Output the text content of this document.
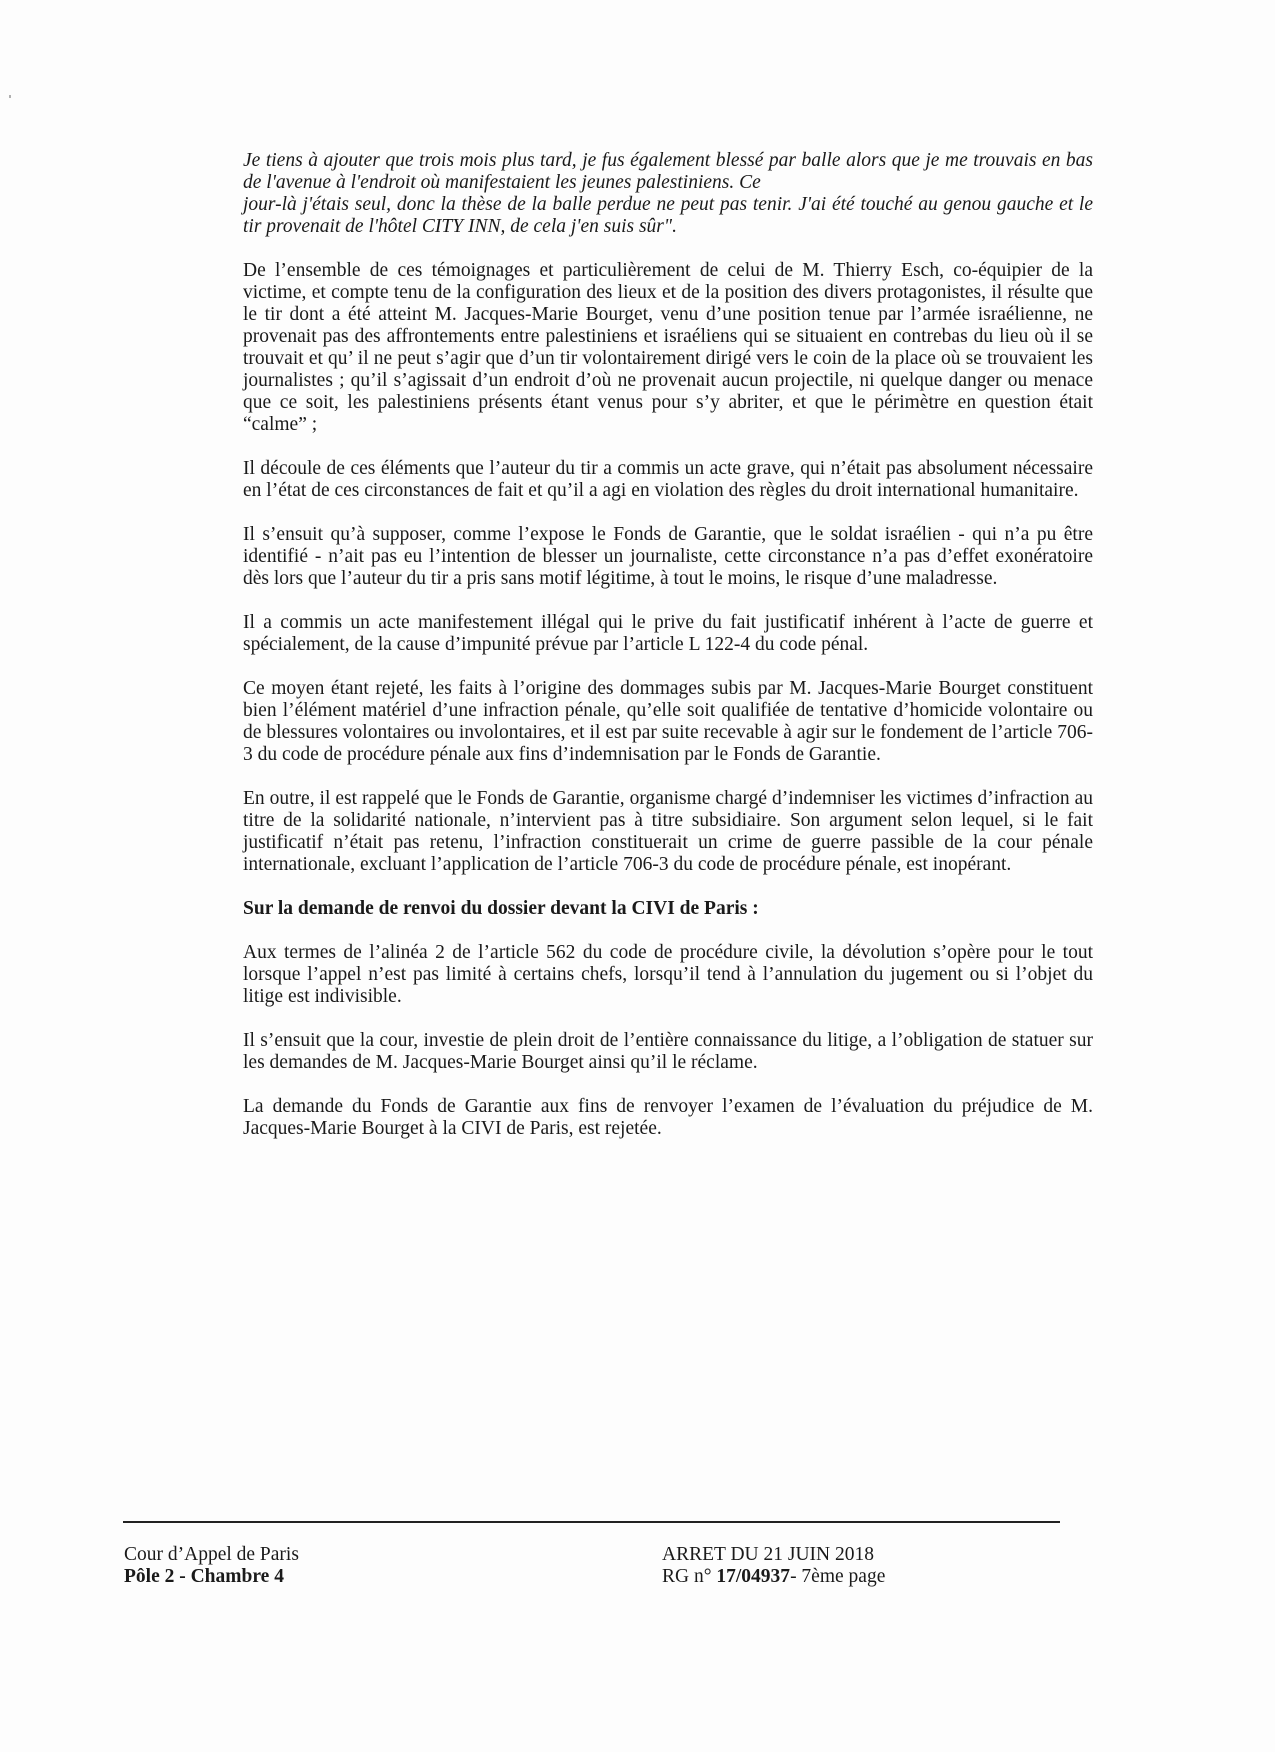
Je tiens à ajouter que trois mois plus tard, je fus également blessé par balle alors que je me trouvais en bas de l'avenue à l'endroit où manifestaient les jeunes palestiniens. Ce
jour-là j'étais seul, donc la thèse de la balle perdue ne peut pas tenir. J'ai été touché au genou gauche et le tir provenait de l'hôtel CITY INN, de cela j'en suis sûr".

De l’ensemble de ces témoignages et particulièrement de celui de M. Thierry Esch, co-équipier de la victime, et compte tenu de la configuration des lieux et de la position des divers protagonistes, il résulte que le tir dont a été atteint M. Jacques-Marie Bourget, venu d’une position tenue par l’armée israélienne, ne provenait pas des affrontements entre palestiniens et israéliens qui se situaient en contrebas du lieu où il se trouvait et qu’ il ne peut s’agir que d’un tir volontairement dirigé vers le coin de la place où se trouvaient les journalistes ; qu’il s’agissait d’un endroit d’où ne provenait aucun projectile, ni quelque danger ou menace que ce soit, les palestiniens présents étant venus pour s’y abriter, et que le périmètre en question était “calme” ;

Il découle de ces éléments que l’auteur du tir a commis un acte grave, qui n’était pas absolument nécessaire en l’état de ces circonstances de fait et qu’il a agi en violation des règles du droit international humanitaire.

Il s’ensuit qu’à supposer, comme l’expose le Fonds de Garantie, que le soldat israélien - qui n’a pu être identifié - n’ait pas eu l’intention de blesser un journaliste, cette circonstance n’a pas d’effet exonératoire dès lors que l’auteur du tir a pris sans motif légitime, à tout le moins, le risque d’une maladresse.

Il a commis un acte manifestement illégal qui le prive du fait justificatif inhérent à l’acte de guerre et spécialement, de la cause d’impunité prévue par l’article L 122-4 du code pénal.

Ce moyen étant rejeté, les faits à l’origine des dommages subis par M. Jacques-Marie Bourget constituent bien l’élément matériel d’une infraction pénale, qu’elle soit qualifiée de tentative d’homicide volontaire ou de blessures volontaires ou involontaires, et il est par suite recevable à agir sur le fondement de l’article 706-3 du code de procédure pénale aux fins d’indemnisation par le Fonds de Garantie.

En outre, il est rappelé que le Fonds de Garantie, organisme chargé d’indemniser les victimes d’infraction au titre de la solidarité nationale, n’intervient pas à titre subsidiaire. Son argument selon lequel, si le fait justificatif n’était pas retenu, l’infraction constituerait un crime de guerre passible de la cour pénale internationale, excluant l’application de l’article 706-3 du code de procédure pénale, est inopérant.

Sur la demande de renvoi du dossier devant la CIVI de Paris :

Aux termes de l’alinéa 2 de l’article 562 du code de procédure civile, la dévolution s’opère pour le tout lorsque l’appel n’est pas limité à certains chefs, lorsqu’il tend à l’annulation du jugement ou si l’objet du litige est indivisible.

Il s’ensuit que la cour, investie de plein droit de l’entière connaissance du litige, a l’obligation de statuer sur les demandes de M. Jacques-Marie Bourget ainsi qu’il le réclame.

La demande du Fonds de Garantie aux fins de renvoyer l’examen de l’évaluation du préjudice de M. Jacques-Marie Bourget à la CIVI de Paris, est rejetée.

Cour d’Appel de Paris
Pôle 2 - Chambre 4
ARRET DU 21 JUIN 2018
RG n° 17/04937- 7ème page
